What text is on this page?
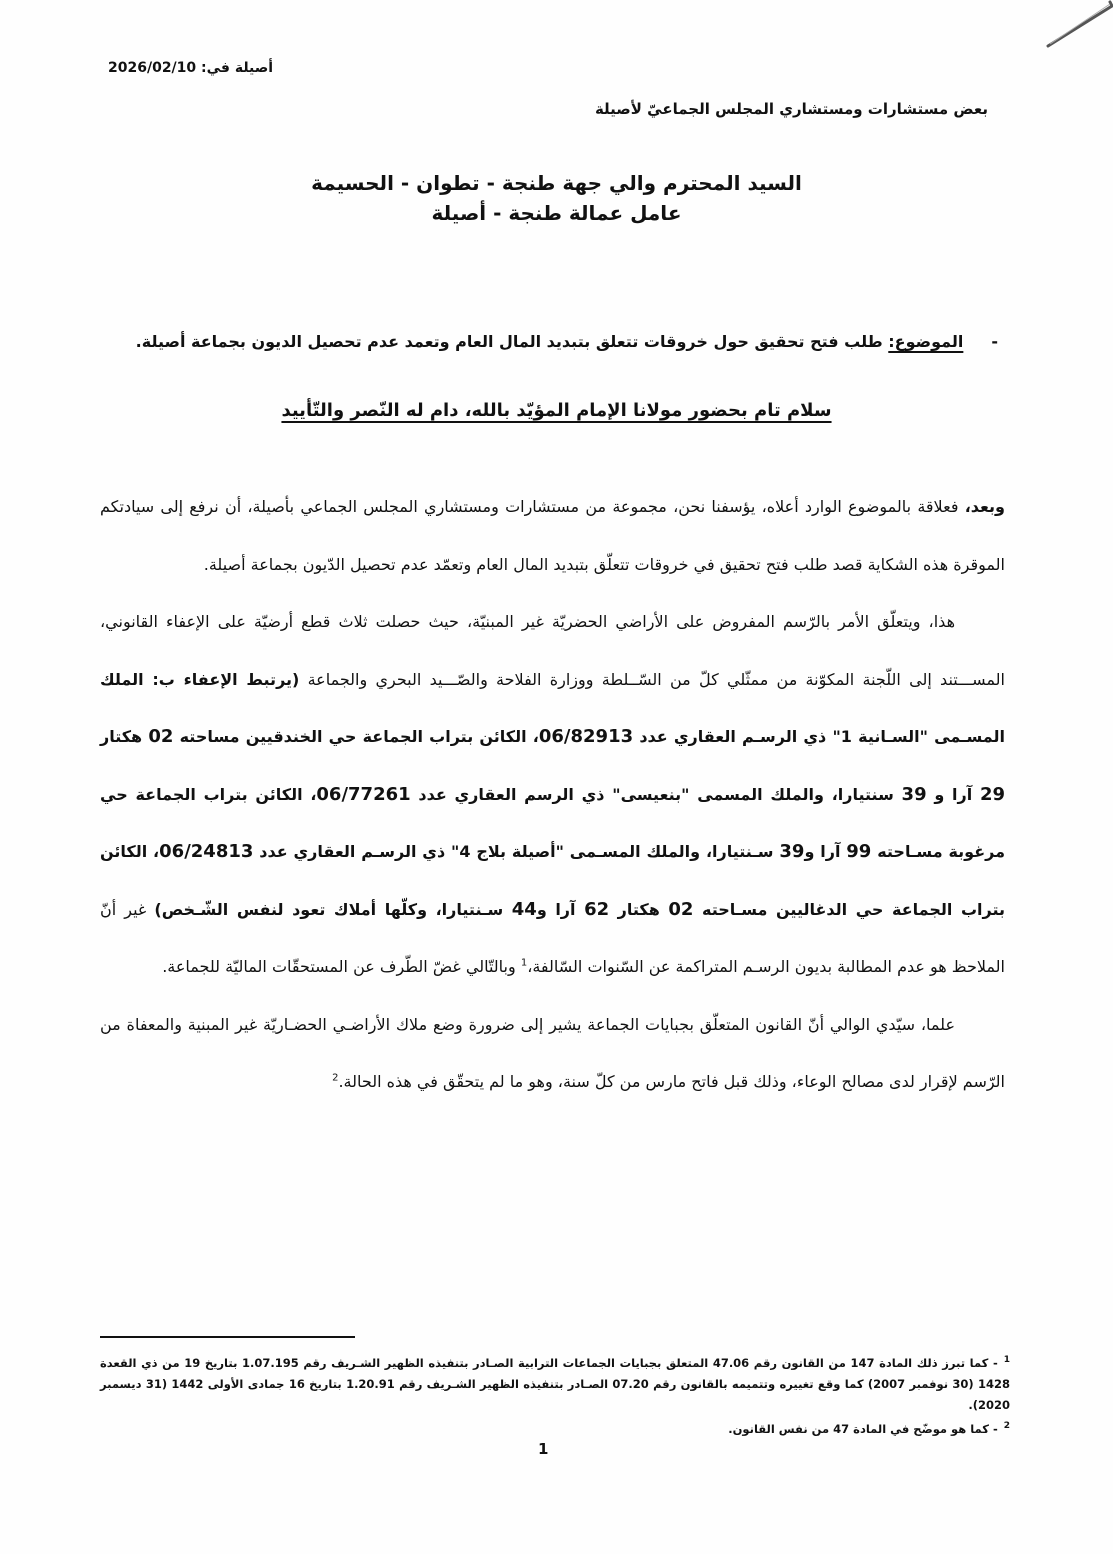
أصيلة في: 2026/02/10
بعض مستشارات ومستشاري المجلس الجماعيّ لأصيلة
السيد المحترم والي جهة طنجة - تطوان - الحسيمة
عامل عمالة طنجة - أصيلة
-الموضوع: طلب فتح تحقيق حول خروقات تتعلق بتبديد المال العام وتعمد عدم تحصيل الديون بجماعة أصيلة.
سلام تام بحضور مولانا الإمام المؤيّد بالله، دام له النّصر والتّأييد

وبعد، فعلاقة بالموضوع الوارد أعلاه، يؤسفنا نحن، مجموعة من مستشارات ومستشاري المجلس الجماعي بأصيلة، أن نرفع إلى سيادتكم الموقرة هذه الشكاية قصد طلب فتح تحقيق في خروقات تتعلّق بتبديد المال العام وتعمّد عدم تحصيل الدّيون بجماعة أصيلة.

هذا، ويتعلّق الأمر بالرّسم المفروض على الأراضي الحضريّة غير المبنيّة، حيث حصلت ثلاث قطع أرضيّة على الإعفاء القانوني، المســـتند إلى اللّجنة المكوّنة من ممثّلي كلّ من السّــلطة ووزارة الفلاحة والصّـــيد البحري والجماعة (يرتبط الإعفاء ب: الملك المسـمى "السـانية 1" ذي الرسـم العقاري عدد 06/82913، الكائن بتراب الجماعة حي الخندقيين مساحته 02 هكتار 29 آرا و 39 سنتيارا، والملك المسمى "بنعيسى" ذي الرسم العقاري عدد 06/77261، الكائن بتراب الجماعة حي مرغوبة مسـاحته 99 آرا و39 سـنتيارا، والملك المسـمى "أصيلة بلاج 4" ذي الرسـم العقاري عدد 06/24813، الكائن بتراب الجماعة حي الدغاليين مسـاحته 02 هكتار 62 آرا و44 سـنتيارا، وكلّها أملاك تعود لنفس الشّـخص) غير أنّ الملاحظ هو عدم المطالبة بديون الرسـم المتراكمة عن السّنوات السّالفة،$^1$ وبالتّالي غضّ الطّرف عن المستحقّات الماليّة للجماعة.

علما، سيّدي الوالي أنّ القانون المتعلّق بجبايات الجماعة يشير إلى ضرورة وضع ملاك الأراضـي الحضـاريّة غير المبنية والمعفاة من الرّسم لإقرار لدى مصالح الوعاء، وذلك قبل فاتح مارس من كلّ سنة، وهو ما لم يتحقّق في هذه الحالة.$^2$

$^1$- كما تبرز ذلك المادة 147 من القانون رقم 47.06 المتعلق بجبايات الجماعات الترابية الصـادر بتنفيذه الظهير الشـريف رقم 1.07.195 بتاريخ 19 من ذي القعدة 1428 (30 نوفمبر 2007) كما وقع تغييره وتتميمه بالقانون رقم 07.20 الصـادر بتنفيذه الظهير الشـريف رقم 1.20.91 بتاريخ 16 جمادى الأولى 1442 (31 ديسمبر 2020).

$^2$- كما هو موضّح في المادة 47 من نفس القانون.

1
